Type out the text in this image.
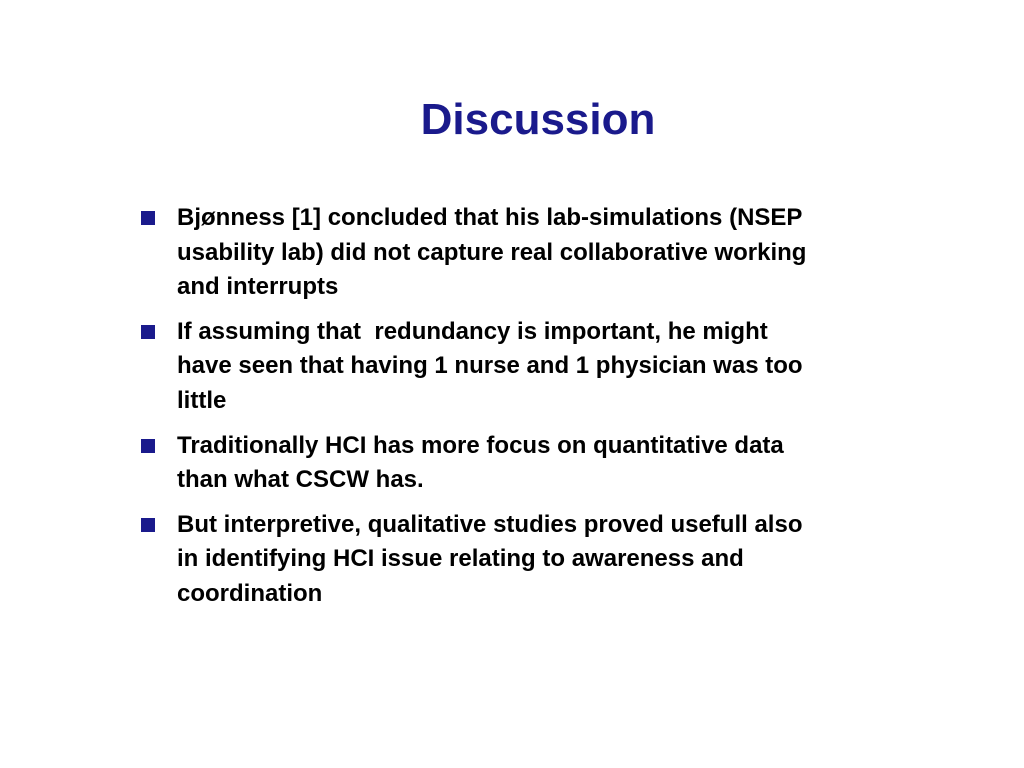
Discussion
Bjønness [1] concluded that his lab-simulations (NSEP
usability lab) did not capture real collaborative working
and interrupts
If assuming that  redundancy is important, he might
have seen that having 1 nurse and 1 physician was too
little
Traditionally HCI has more focus on quantitative data
than what CSCW has.
But interpretive, qualitative studies proved usefull also
in identifying HCI issue relating to awareness and
coordination
